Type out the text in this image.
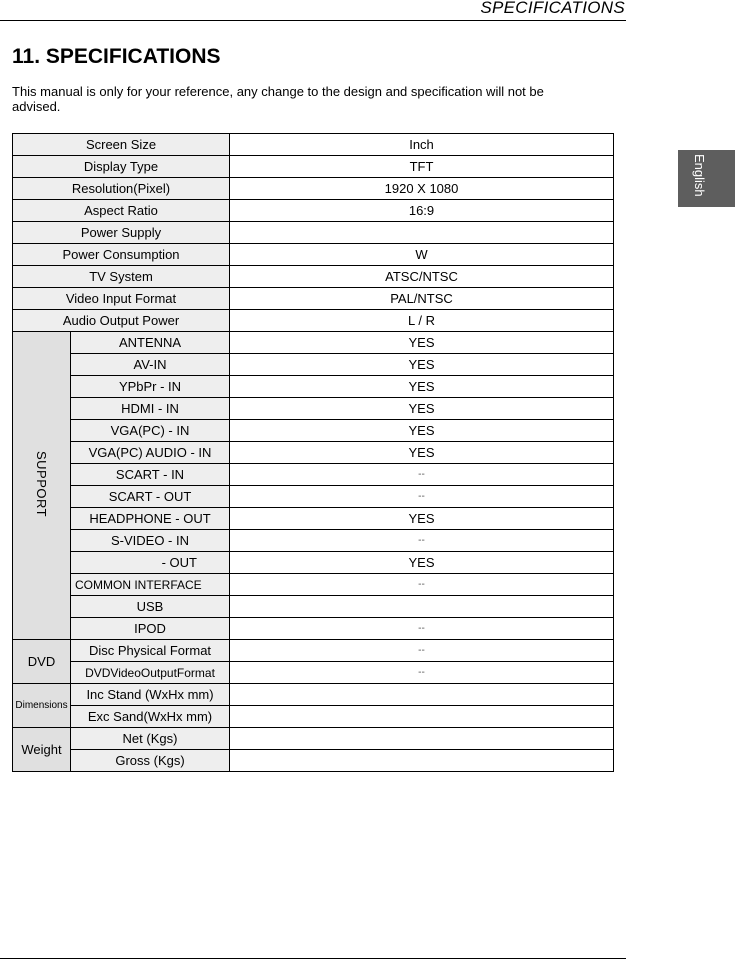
SPECIFICATIONS
11. SPECIFICATIONS

This manual is only for your reference, any change to the design and specification will not be advised.

English
Screen Size		Inch
Display Type		TFT
Resolution(Pixel)		1920 X 1080
Aspect Ratio		16:9
Power Supply		
Power Consumption		W
TV System		ATSC/NTSC
Video Input Format		PAL/NTSC
Audio Output Power		L / R
SUPPORT	ANTENNA	YES
	AV-IN	YES
	YPbPr - IN	YES
	HDMI - IN	YES
	VGA(PC) - IN	YES
	VGA(PC) AUDIO - IN	YES
	SCART - IN	--
	SCART - OUT	--
	HEADPHONE - OUT	YES
	S-VIDEO - IN	--
	- OUT	YES
	COMMON INTERFACE	--
	USB	
	IPOD	--
DVD	Disc Physical Format	--
	DVDVideoOutputFormat	--
Dimensions	Inc Stand (WxHx mm)	
	Exc Sand(WxHx mm)	
Weight	Net (Kgs)	
	Gross (Kgs)	
